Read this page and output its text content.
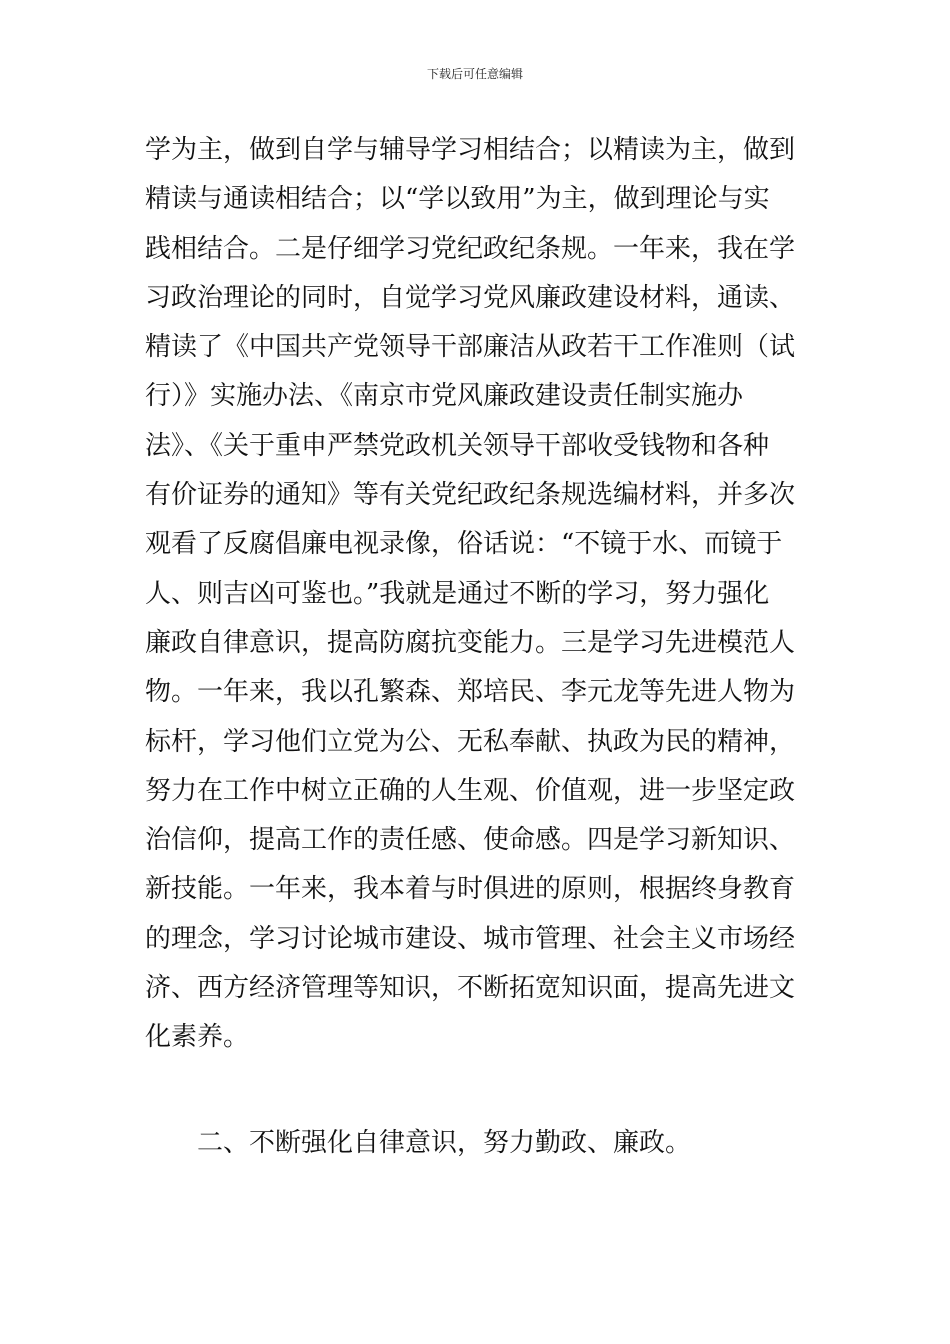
下载后可任意编辑
学为主，做到自学与辅导学习相结合；以精读为主，做到
精读与通读相结合；以“学以致用”为主，做到理论与实
践相结合。二是仔细学习党纪政纪条规。一年来，我在学
习政治理论的同时，自觉学习党风廉政建设材料，通读、
精读了《中国共产党领导干部廉洁从政若干工作准则（试
行）》实施办法、《南京市党风廉政建设责任制实施办
法》、《关于重申严禁党政机关领导干部收受钱物和各种
有价证券的通知》等有关党纪政纪条规选编材料，并多次
观看了反腐倡廉电视录像，俗话说：“不镜于水、而镜于
人、则吉凶可鉴也。”我就是通过不断的学习，努力强化
廉政自律意识，提高防腐抗变能力。三是学习先进模范人
物。一年来，我以孔繁森、郑培民、李元龙等先进人物为
标杆，学习他们立党为公、无私奉献、执政为民的精神，
努力在工作中树立正确的人生观、价值观，进一步坚定政
治信仰，提高工作的责任感、使命感。四是学习新知识、
新技能。一年来，我本着与时俱进的原则，根据终身教育
的理念，学习讨论城市建设、城市管理、社会主义市场经
济、西方经济管理等知识，不断拓宽知识面，提高先进文
化素养。
二、不断强化自律意识，努力勤政、廉政。
